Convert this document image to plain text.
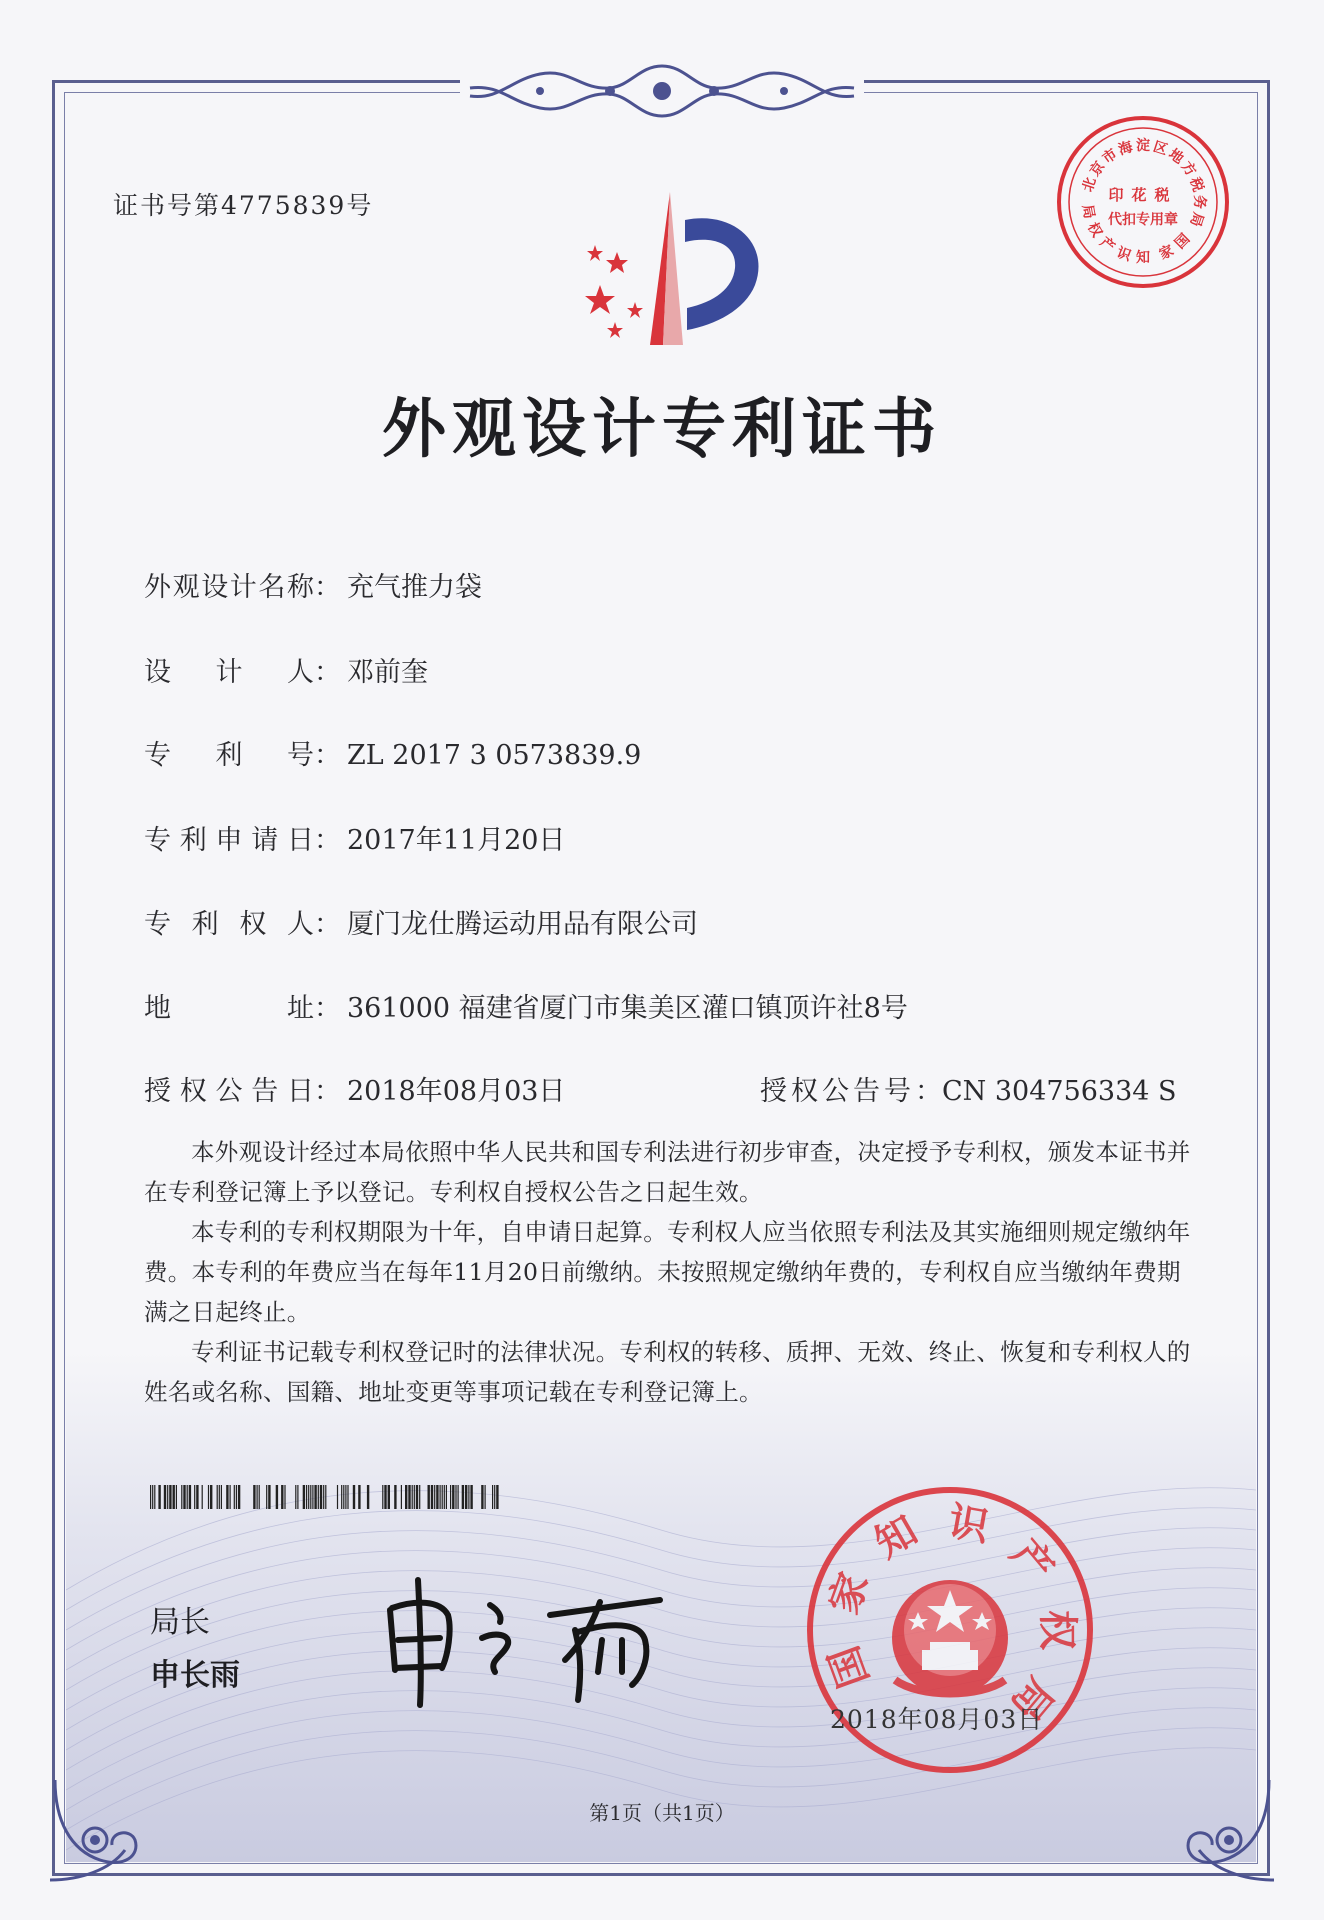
证书号第4775839号
北
京
市
海 淀 区
地
方
税
务
局
国
家
知
识
产
权
局
印花税
代扣专用章
外观设计专利证书
外观设计名称： 充气推力袋
设计人： 邓前奎
专利号： ZL 2017 3 0573839.9
专利申请日： 2017年11月20日
专利权人： 厦门龙仕腾运动用品有限公司
地址： 361000 福建省厦门市集美区灌口镇顶许社8号
授权公告日： 2018年08月03日	授权公告号：CN 304756334 S

本外观设计经过本局依照中华人民共和国专利法进行初步审查，决定授予专利权，颁发本证书并在专利登记簿上予以登记。专利权自授权公告之日起生效。

本专利的专利权期限为十年，自申请日起算。专利权人应当依照专利法及其实施细则规定缴纳年费。本专利的年费应当在每年11月20日前缴纳。未按照规定缴纳年费的，专利权自应当缴纳年费期满之日起终止。

专利证书记载专利权登记时的法律状况。专利权的转移、质押、无效、终止、恢复和专利权人的姓名或名称、国籍、地址变更等事项记载在专利登记簿上。

局长
申长雨	国
家
知 识
产
权
局
2018年08月03日
第1页（共1页）
